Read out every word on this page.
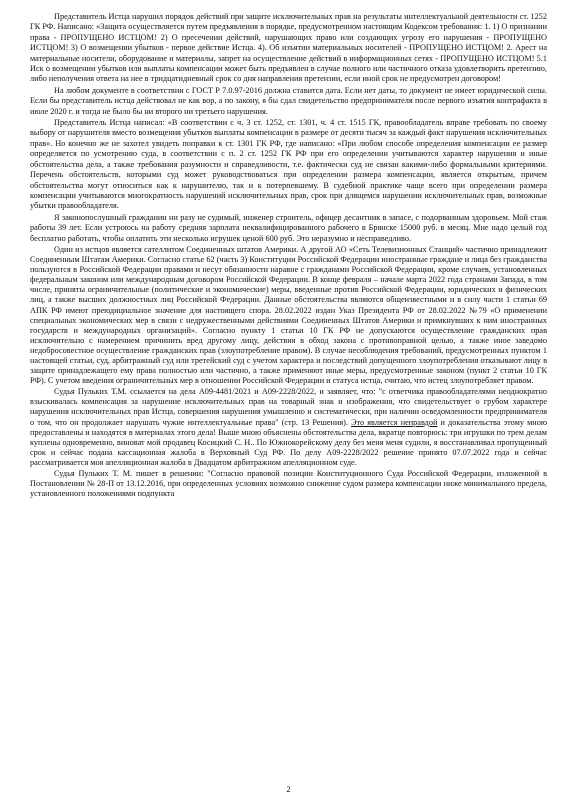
Представитель Истца нарушил порядок действий при защите исключительных прав на результаты интеллектуальной деятельности ст. 1252 ГК РФ. Написано: «Защита осуществляется путем предъявления в порядке, предусмотренном настоящим Кодексом требования: 1. 1) О признании права - ПРОПУЩЕНО ИСТЦОМ! 2) О пресечении действий, нарушающих право или создающих угрозу его нарушения - ПРОПУЩЕНО ИСТЦОМ! 3) О возмещении убытков - первое действие Истца. 4). Об изъятии материальных носителей - ПРОПУЩЕНО ИСТЦОМ! 2. Арест на материальные носители, оборудование и материалы, запрет на осуществление действий в информационных сетях - ПРОПУЩЕНО ИСТЦОМ! 5.1 Иск о возмещении убытков или выплаты компенсации может быть предъявлен в случае полного или частичного отказа удовлетворить претензию, либо неполучения ответа на нее в тридцатидневный срок со дня направления претензии, если иной срок не предусмотрен договором!

На любом документе в соответствии с ГОСТ Р 7.0.97-2016 должна ставится дата. Если нет даты, то документ не имеет юридической силы. Если бы представитель истца действовал не как вор, а по закону, я бы сдал свидетельство предпринимателя после первого изъятия контрафакта в июле 2020 г. и тогда не было бы ни второго ни третьего нарушения.

Представитель Истца написал: «В соответствии с ч. 3 ст. 1252, ст. 1301, ч. 4 ст. 1515 ГК, правообладатель вправе требовать по своему выбору от нарушителя вместо возмещения убытков выплаты компенсации в размере от десяти тысяч за каждый факт нарушения исключительных прав». Но конечно же не захотел увидеть поправки к ст. 1301 ГК РФ, где написано: «При любом способе определения компенсации ее размер определяется по усмотрению суда, в соответствии с п. 2 ст. 1252 ГК РФ при его определении учитываются характер нарушения и иные обстоятельства дела, а также требования разумности и справедливости, т.е. фактически суд не связан какими-либо формальными критериями. Перечень обстоятельств, которыми суд может руководствоваться при определении размера компенсации, является открытым, причем обстоятельства могут относиться как к нарушителю, так и к потерпевшему. В судебной практике чаще всего при определении размера компенсации учитываются многократность нарушений исключительных прав, срок при длящемся нарушении исключительных прав, возможные убытки правообладателя.

Я законопослушный гражданин ни разу не судимый, инженер строитель, офицер десантник в запасе, с подорванным здоровьем. Мой стаж работы 39 лет. Если устроюсь на работу средняя зарплата неквалифицированного рабочего в Брянске 15000 руб. в месяц. Мне надо целый год бесплатно работать, чтобы оплатить эти несколько игрушек ценой 600 руб. Это неразумно и несправедливо.

Один из истцов является сателлитом Соединенных штатов Америки. А другой АО «Сеть Телевизионных Станций» частично принадлежит Соединенным Штатам Америки. Согласно статье 62 (часть 3) Конституции Российской Федерации иностранные граждане и лица без гражданства пользуются в Российской Федерации правами и несут обязанности наравне с гражданами Российской Федерации, кроме случаев, установленных федеральным законом или международным договором Российской Федерации. В конце февраля – начале марта 2022 года странами Запада, в том числе, приняты ограничительные (политические и экономические) меры, введенные против Российской Федерации, юридических и физических лиц, а также высших должностных лиц Российской Федерации. Данные обстоятельства являются общеизвестными и в силу части 1 статьи 69 АПК РФ имеют преюдициальное значение для настоящего спора. 28.02.2022 издан Указ Президента РФ от 28.02.2022 №79 «О применении специальных экономических мер в связи с недружественными действиями Соединенных Штатов Америки и примкнувших к ним иностранных государств и международных организаций». Согласно пункту 1 статьи 10 ГК РФ не допускаются осуществление гражданских прав исключительно с намерением причинить вред другому лицу, действия в обход закона с противоправной целью, а также иное заведомо недобросовестное осуществление гражданских прав (злоупотребление правом). В случае несоблюдения требований, предусмотренных пунктом 1 настоящей статьи, суд, арбитражный суд или третейский суд с учетом характера и последствий допущенного злоупотребления отказывают лицу в защите принадлежащего ему права полностью или частично, а также применяют иные меры, предусмотренные законом (пункт 2 статьи 10 ГК РФ). С учетом введения ограничительных мер в отношении Российской Федерации и статуса истца, считаю, что истец злоупотребляет правом.

Судья Пульких Т.М. ссылается на дела А09-4481/2021 и А09-2228/2022, и заявляет, что: "с ответчика правообладателями неоднократно взыскивалась компенсация за нарушение исключительных прав на товарный знак и изображения, что свидетельствует о грубом характере нарушения исключительных прав Истца, совершения нарушения умышленно и систематически, при наличии осведомленности предпринимателя о том, что он продолжает нарушать чужие интеллектуальные права" (стр. 13 Решения). Это является неправдой и доказательства этому мною предоставлены и находятся в материалах этого дела! Выше мною объяснены обстоятельства дела, вкратце повторюсь: три игрушки по трем делам куплены одновременно, виноват мой продавец Косицкий С. Н.. По Южнокорейскому делу без меня меня судили, я восстанавливал пропущенный срок и сейчас подана кассационная жалоба в Верховный Суд РФ. По делу А09-2228/2022 решение принято 07.07.2022 года и сейчас рассматривается моя апелляционная жалоба в Двадцатом арбитражном апелляционном суде.

Судья Пульких Т. М. пишет в решении: "Согласно правовой позиции Конституционного Суда Российской Федерации, изложенной в Постановлении № 28-П от 13.12.2016, при определенных условиях возможно снижение судом размера компенсации ниже минимального предела, установленного положениями подпункта

2
